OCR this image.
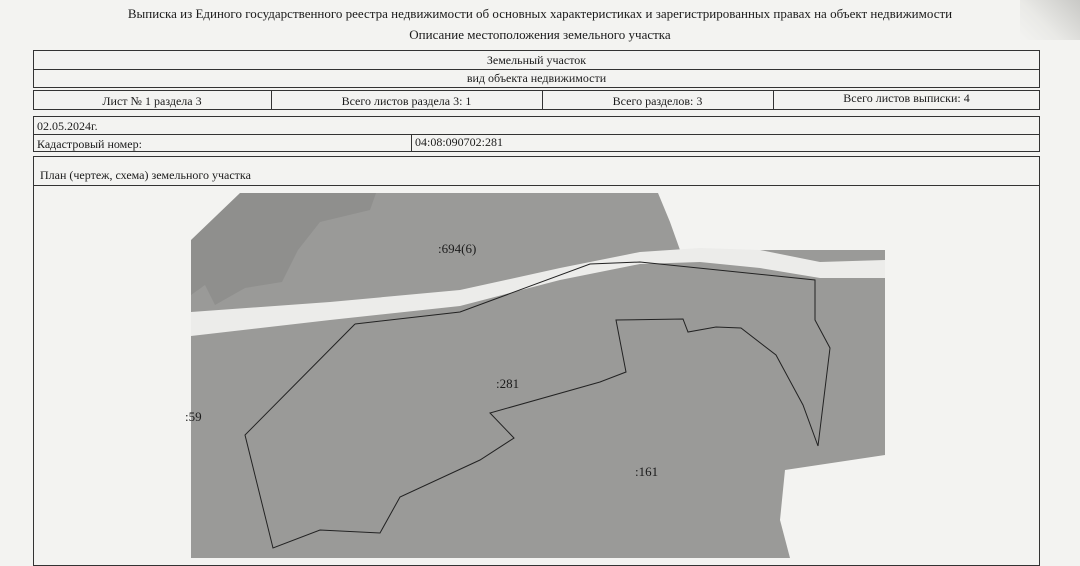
Выписка из Единого государственного реестра недвижимости об основных характеристиках и зарегистрированных правах на объект недвижимости
Описание местоположения земельного участка
Земельный участок
вид объекта недвижимости
Лист № 1 раздела 3	Всего листов раздела 3: 1	Всего разделов: 3	Всего листов выписки: 4
02.05.2024г.
Кадастровый номер:	04:08:090702:281
План (чертеж, схема) земельного участка
:694(6)
:281
:161
:59
